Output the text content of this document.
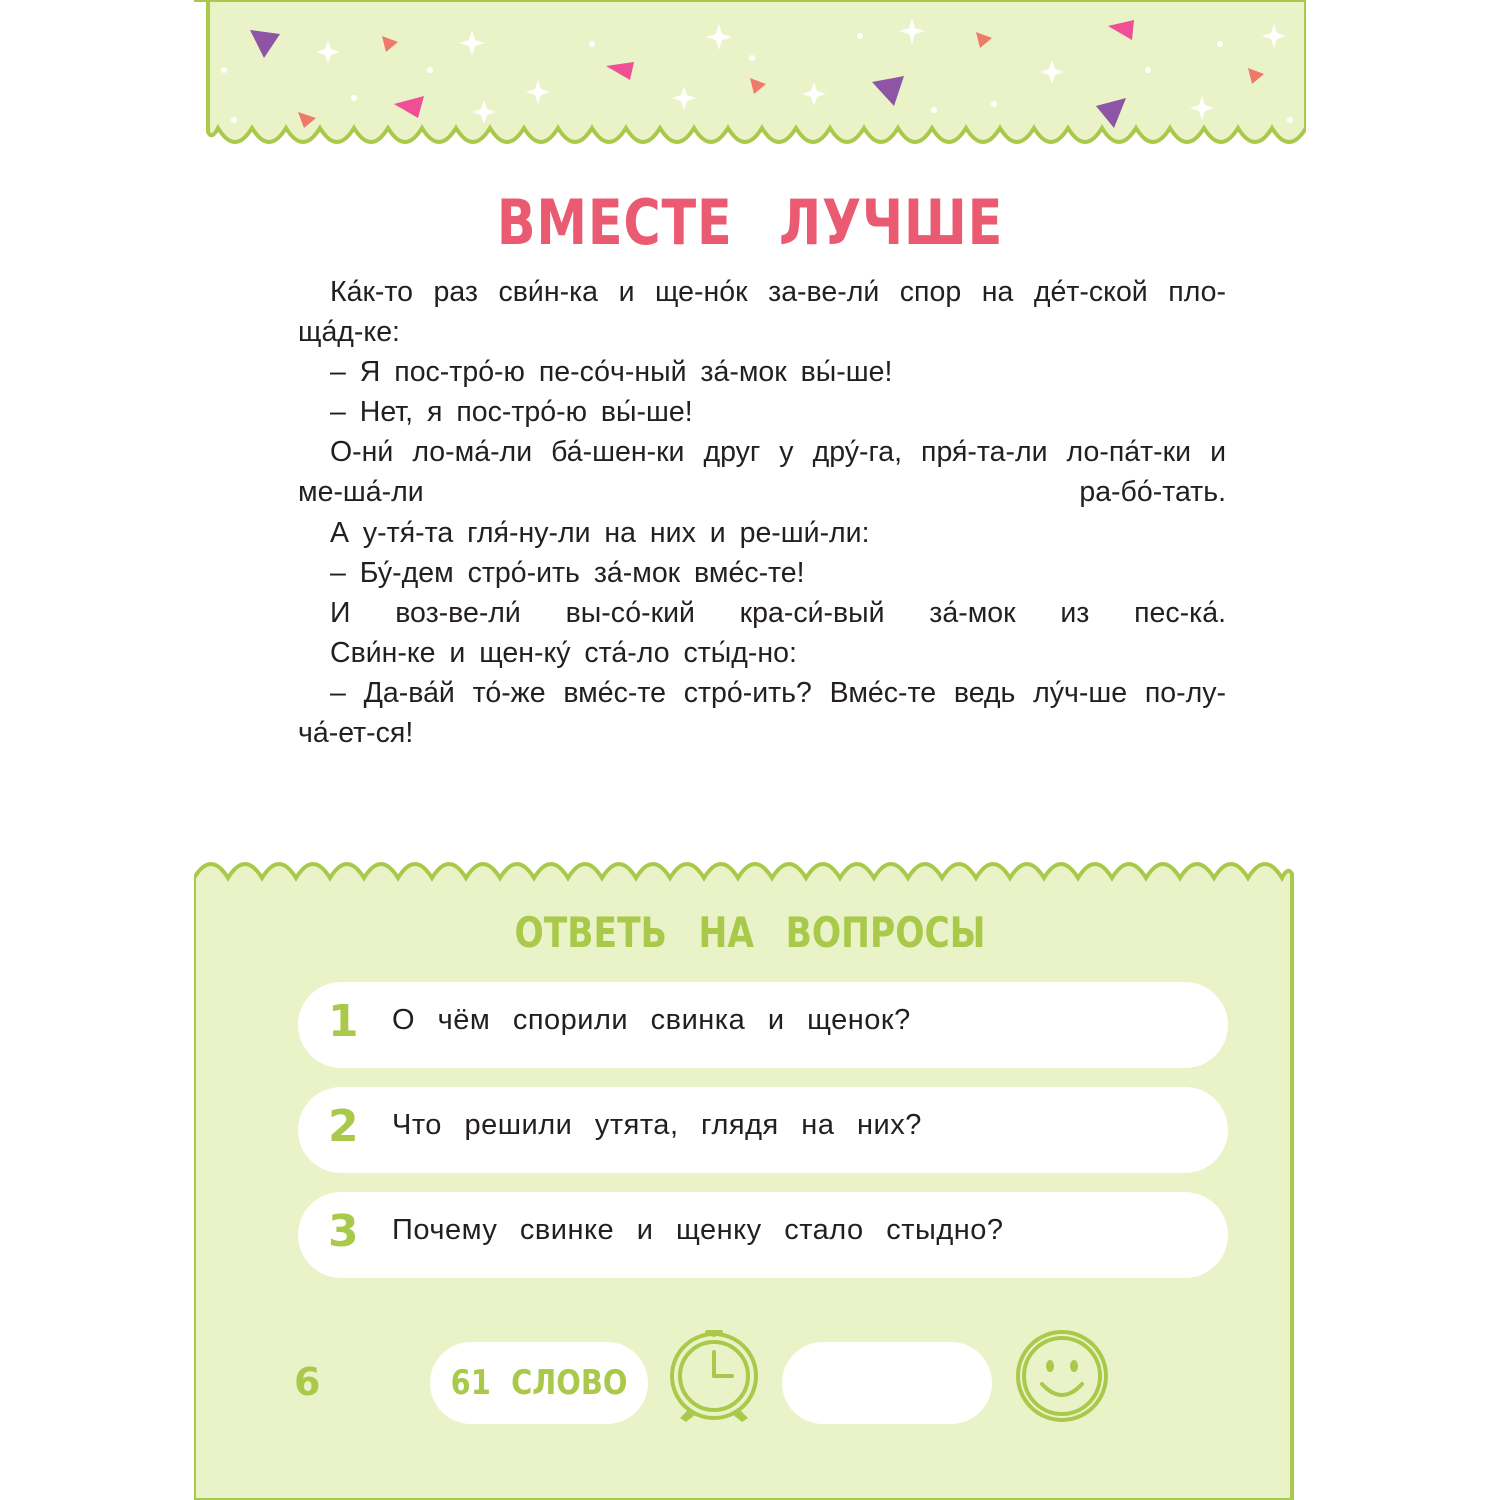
ВМЕСТЕ ЛУЧШЕ

Ка́к-то раз сви́н-ка и ще-но́к за-ве-ли́ спор на де́т-ской пло-ща́д-ке:

– Я пос-тро́-ю пе-со́ч-ный за́-мок вы́-ше!

– Нет, я пос-тро́-ю вы́-ше!

О-ни́ ло-ма́-ли ба́-шен-ки друг у дру́-га, пря́-та-ли ло-па́т-ки и ме-ша́-ли ра-бо́-тать.

А у-тя́-та гля́-ну-ли на них и ре-ши́-ли:

– Бу́-дем стро́-ить за́-мок вме́с-те!

И воз-ве-ли́ вы-со́-кий кра-си́-вый за́-мок из пес-ка́.

Сви́н-ке и щен-ку́ ста́-ло сты́д-но:

– Да-ва́й то́-же вме́с-те стро́-ить? Вме́с-те ведь лу́ч-ше по-лу-ча́-ет-ся!

ОТВЕТЬ НА ВОПРОСЫ
1 О чём спорили свинка и щенок?
2 Что решили утята, глядя на них?
3 Почему свинке и щенку стало стыдно?
6	61 СЛОВО
